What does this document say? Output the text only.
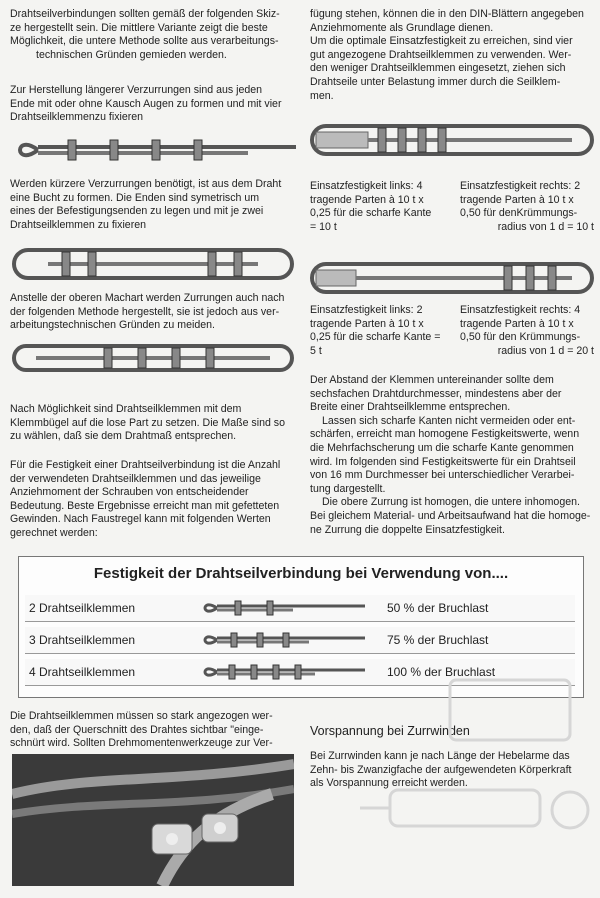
Drahtseilverbindungen sollten gemäß der folgenden Skiz-
ze hergestellt sein. Die mittlere Variante zeigt die beste
Möglichkeit, die untere Methode sollte aus verarbeitungs-
technischen Gründen gemieden werden.
Zur Herstellung längerer Verzurrungen sind aus jeden
Ende mit oder ohne Kausch Augen zu formen und mit vier
Drahtseilklemmenzu fixieren
Werden kürzere Verzurrungen benötigt, ist aus dem Draht
eine Bucht zu formen. Die Enden sind symetrisch um
eines der Befestigungsenden zu legen und mit je zwei
Drahtseilklemmen zu fixieren
Anstelle der oberen Machart werden Zurrungen auch nach
der folgenden Methode hergestellt, sie ist jedoch aus ver-
arbeitungstechnischen Gründen zu meiden.
Nach Möglichkeit sind Drahtseilklemmen mit dem
Klemmbügel auf die lose Part zu setzen. Die Maße sind so
zu wählen, daß sie dem Drahtmaß entsprechen.
Für die Festigkeit einer Drahtseilverbindung ist die Anzahl
der verwendeten Drahtseilklemmen und das jeweilige
Anziehmoment der Schrauben von entscheidender
Bedeutung. Beste Ergebnisse erreicht man mit gefetteten
Gewinden. Nach Faustregel kann mit folgenden Werten
gerechnet werden:
fügung stehen, können die in den DIN-Blättern angegeben
Anziehmomente als Grundlage dienen.
Um die optimale Einsatzfestigkeit zu erreichen, sind vier
gut angezogene Drahtseilklemmen zu verwenden. Wer-
den weniger Drahtseilklemmen eingesetzt, ziehen sich
Drahtseile unter Belastung immer durch die Seilklem-
men.
Einsatzfestigkeit links: 4
tragende Parten à 10 t x
0,25 für die scharfe Kante
= 10 t
Einsatzfestigkeit rechts: 2
tragende Parten à 10 t x
0,50 für denKrümmungs-
radius von 1 d = 10 t
Einsatzfestigkeit links: 2
tragende Parten à 10 t x
0,25 für die scharfe Kante =
5 t
Einsatzfestigkeit rechts: 4
tragende Parten à 10 t x
0,50 für den Krümmungs-
radius von 1 d = 20 t
Der Abstand der Klemmen untereinander sollte dem
sechsfachen Drahtdurchmesser, mindestens aber der
Breite einer Drahtseilklemme entsprechen.
Lassen sich scharfe Kanten nicht vermeiden oder ent-
schärfen, erreicht man homogene Festigkeitswerte, wenn
die Mehrfachscherung um die scharfe Kante genommen
wird. Im folgenden sind Festigkeitswerte für ein Drahtseil
von 16 mm Durchmesser bei unterschiedlicher Verarbei-
tung dargestellt.
Die obere Zurrung ist homogen, die untere inhomogen.
Bei gleichem Material- und Arbeitsaufwand hat die homoge-
ne Zurrung die doppelte Einsatzfestigkeit.
Festigkeit der Drahtseilverbindung bei Verwendung von....
2 Drahtseilklemmen	50 % der Bruchlast
3 Drahtseilklemmen	75 % der Bruchlast
4 Drahtseilklemmen	100 % der Bruchlast
Die Drahtseilklemmen müssen so stark angezogen wer-
den, daß der Querschnitt des Drahtes sichtbar "einge-
schnürt wird. Sollten Drehmomentenwerkzeuge zur Ver-
Vorspannung bei Zurrwinden
Bei Zurrwinden kann je nach Länge der Hebelarme das
Zehn- bis Zwanzigfache der aufgewendeten Körperkraft
als Vorspannung erreicht werden.
